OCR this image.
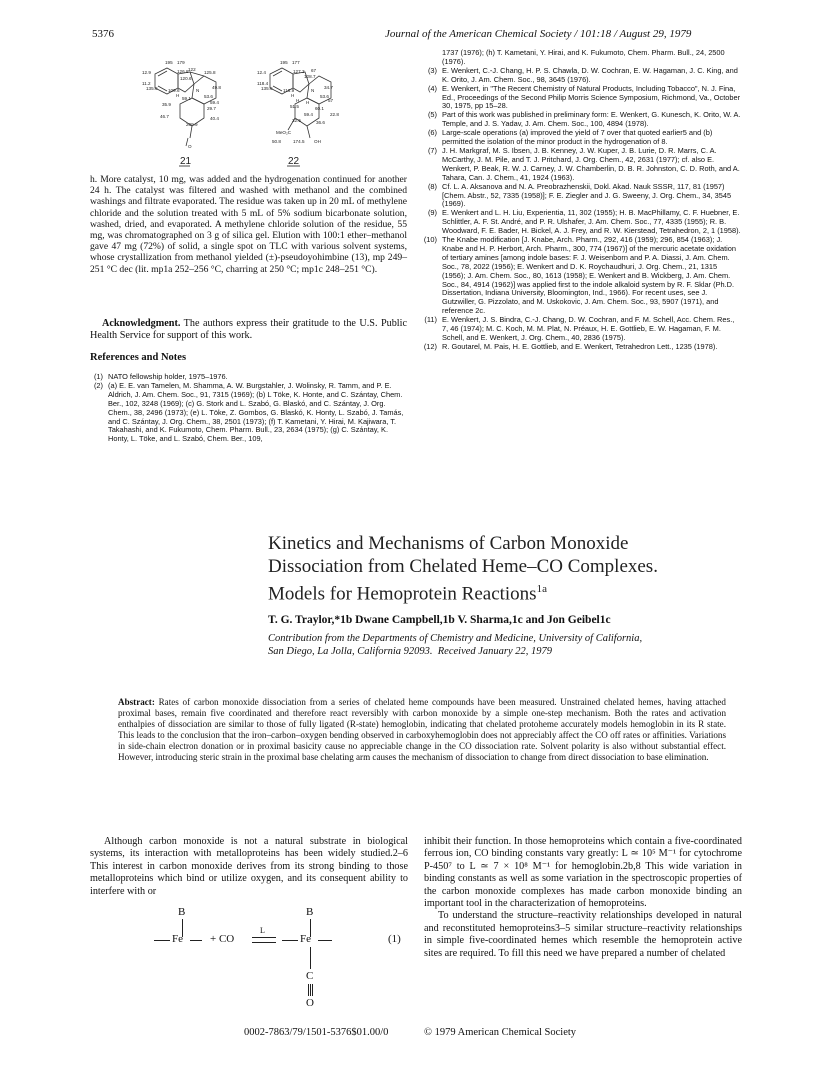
5376	Journal of the American Chemical Society / 101:18 / August 29, 1979
195 179
12.9	126.8 122
125.8
11.2
120.6
135.9 109.6
49.8
H
59.1
N
53.6
59.4
35.9
29.7
46.7	40.4
209.9
O
21
195 177
12.4	127.3 67
128.7
118.4
135.9 116.9
34.7
N
H
H
53.6
H	57
51.5	60.1
22.8
59.4
32.5	36.6
MeO₂C
50.8	174.5 OH
22
h. More catalyst, 10 mg, was added and the hydrogenation continued for another 24 h. The catalyst was filtered and washed with methanol and the combined washings and filtrate evaporated. The residue was taken up in 20 mL of methylene chloride and the solution treated with 5 mL of 5% sodium bicarbonate solution, washed, dried, and evaporated. A methylene chloride solution of the residue, 55 mg, was chromatographed on 3 g of silica gel. Elution with 100:1 ether–methanol gave 47 mg (72%) of solid, a single spot on TLC with various solvent systems, whose crystallization from methanol yielded (±)-pseudoyohimbine (13), mp 249–251 °C dec (lit. mp1a 252–256 °C, charring at 250 °C; mp1c 248–251 °C).
Acknowledgment. The authors express their gratitude to the U.S. Public Health Service for support of this work.
References and Notes
(1) NATO fellowship holder, 1975–1976.
(2) (a) E. E. van Tamelen, M. Shamma, A. W. Burgstahler, J. Wolinsky, R. Tamm, and P. E. Aldrich, J. Am. Chem. Soc., 91, 7315 (1969); (b) L Töke, K. Honte, and C. Szántay, Chem. Ber., 102, 3248 (1969); (c) G. Stork and L. Szabó, G. Blaskó, and C. Szántay, J. Org. Chem., 38, 2496 (1973); (e) L. Töke, Z. Gombos, G. Blaskó, K. Honty, L. Szabó, J. Tamás, and C. Szántay, J. Org. Chem., 38, 2501 (1973); (f) T. Kametani, Y. Hirai, M. Kajiwara, T. Takahashi, and K. Fukumoto, Chem. Pharm. Bull., 23, 2634 (1975); (g) C. Szántay, K. Honty, L. Töke, and L. Szabó, Chem. Ber., 109,
1737 (1976); (h) T. Kametani, Y. Hirai, and K. Fukumoto, Chem. Pharm. Bull., 24, 2500 (1976).
(3) E. Wenkert, C.-J. Chang, H. P. S. Chawla, D. W. Cochran, E. W. Hagaman, J. C. King, and K. Orito, J. Am. Chem. Soc., 98, 3645 (1976).
(4) E. Wenkert, in "The Recent Chemistry of Natural Products, Including Tobacco", N. J. Fina, Ed., Proceedings of the Second Philip Morris Science Symposium, Richmond, Va., October 30, 1975, pp 15–28.
(5) Part of this work was published in preliminary form: E. Wenkert, G. Kunesch, K. Orito, W. A. Temple, and J. S. Yadav, J. Am. Chem. Soc., 100, 4894 (1978).
(6) Large-scale operations (a) improved the yield of 7 over that quoted earlier5 and (b) permitted the isolation of the minor product in the hydrogenation of 8.
(7) J. H. Markgraf, M. S. Ibsen, J. B. Kenney, J. W. Kuper, J. B. Lurie, D. R. Marrs, C. A. McCarthy, J. M. Pile, and T. J. Pritchard, J. Org. Chem., 42, 2631 (1977); cf. also E. Wenkert, P. Beak, R. W. J. Carney, J. W. Chamberlin, D. B. R. Johnston, C. D. Roth, and A. Tahara, Can. J. Chem., 41, 1924 (1963).
(8) Cf. L. A. Aksanova and N. A. Preobrazhenskii, Dokl. Akad. Nauk SSSR, 117, 81 (1957) [Chem. Abstr., 52, 7335 (1958)]; F. E. Ziegler and J. G. Sweeny, J. Org. Chem., 34, 3545 (1969).
(9) E. Wenkert and L. H. Liu, Experientia, 11, 302 (1955); H. B. MacPhillamy, C. F. Huebner, E. Schlittler, A. F. St. André, and P. R. Ulshafer, J. Am. Chem. Soc., 77, 4335 (1955); R. B. Woodward, F. E. Bader, H. Bickel, A. J. Frey, and R. W. Kierstead, Tetrahedron, 2, 1 (1958).
(10) The Knabe modification [J. Knabe, Arch. Pharm., 292, 416 (1959); 296, 854 (1963); J. Knabe and H. P. Herbort, Arch. Pharm., 300, 774 (1967)] of the mercuric acetate oxidation of tertiary amines [among indole bases: F. J. Weisenborn and P. A. Diassi, J. Am. Chem. Soc., 78, 2022 (1956); E. Wenkert and D. K. Roychaudhuri, J. Org. Chem., 21, 1315 (1956); J. Am. Chem. Soc., 80, 1613 (1958); E. Wenkert and B. Wickberg, J. Am. Chem. Soc., 84, 4914 (1962)] was applied first to the indole alkaloid system by R. F. Sklar (Ph.D. Dissertation, Indiana University, Bloomington, Ind., 1966). For recent uses, see J. Gutzwiller, G. Pizzolato, and M. Uskokovic, J. Am. Chem. Soc., 93, 5907 (1971), and reference 2c.
(11) E. Wenkert, J. S. Bindra, C.-J. Chang, D. W. Cochran, and F. M. Schell, Acc. Chem. Res., 7, 46 (1974); M. C. Koch, M. M. Plat, N. Préaux, H. E. Gottlieb, E. W. Hagaman, F. M. Schell, and E. Wenkert, J. Org. Chem., 40, 2836 (1975).
(12) R. Goutarel, M. Pais, H. E. Gottlieb, and E. Wenkert, Tetrahedron Lett., 1235 (1978).
Kinetics and Mechanisms of Carbon Monoxide
Dissociation from Chelated Heme–CO Complexes.
Models for Hemoprotein Reactions$^{1a}$
T. G. Traylor,*1b Dwane Campbell,1b V. Sharma,1c and Jon Geibel1c
Contribution from the Departments of Chemistry and Medicine, University of California,
San Diego, La Jolla, California 92093. Received January 22, 1979
Abstract: Rates of carbon monoxide dissociation from a series of chelated heme compounds have been measured. Unstrained chelated hemes, having attached proximal bases, remain five coordinated and therefore react reversibly with carbon monoxide by a simple one-step mechanism. Both the rates and activation enthalpies of dissociation are similar to those of fully ligated (R-state) hemoglobin, indicating that chelated protoheme accurately models hemoglobin in its R state. This leads to the conclusion that the iron–carbon–oxygen bending observed in carboxyhemoglobin does not appreciably affect the CO off rates or affinities. Variations in side-chain electron donation or in proximal basicity cause no appreciable change in the CO dissociation rate. Solvent polarity is also without substantial effect. However, introducing steric strain in the proximal base chelating arm causes the mechanism of dissociation to change from direct dissociation to base elimination.

Although carbon monoxide is not a natural substrate in biological systems, its interaction with metalloproteins has been widely studied.2–6 This interest in carbon monoxide derives from its strong binding to those metalloproteins which bind or utilize oxygen, and its consequent ability to interfere with or

B
Fe + CO
L
B
Fe
C
O
(1)

inhibit their function. In those hemoproteins which contain a five-coordinated ferrous ion, CO binding constants vary greatly: L ≃ 10⁵ M⁻¹ for cytochrome P-450⁷ to L ≃ 7 × 10⁸ M⁻¹ for hemoglobin.2b,8 This wide variation in binding constants as well as some variation in the spectroscopic properties of the carbon monoxide complexes has made carbon monoxide binding an important tool in the characterization of hemoproteins.

To understand the structure–reactivity relationships developed in natural and reconstituted hemoproteins3–5 similar structure–reactivity relationships in simple five-coordinated hemes which resemble the hemoprotein active sites are required. To fill this need we have prepared a number of chelated

0002-7863/79/1501-5376$01.00/0	© 1979 American Chemical Society
